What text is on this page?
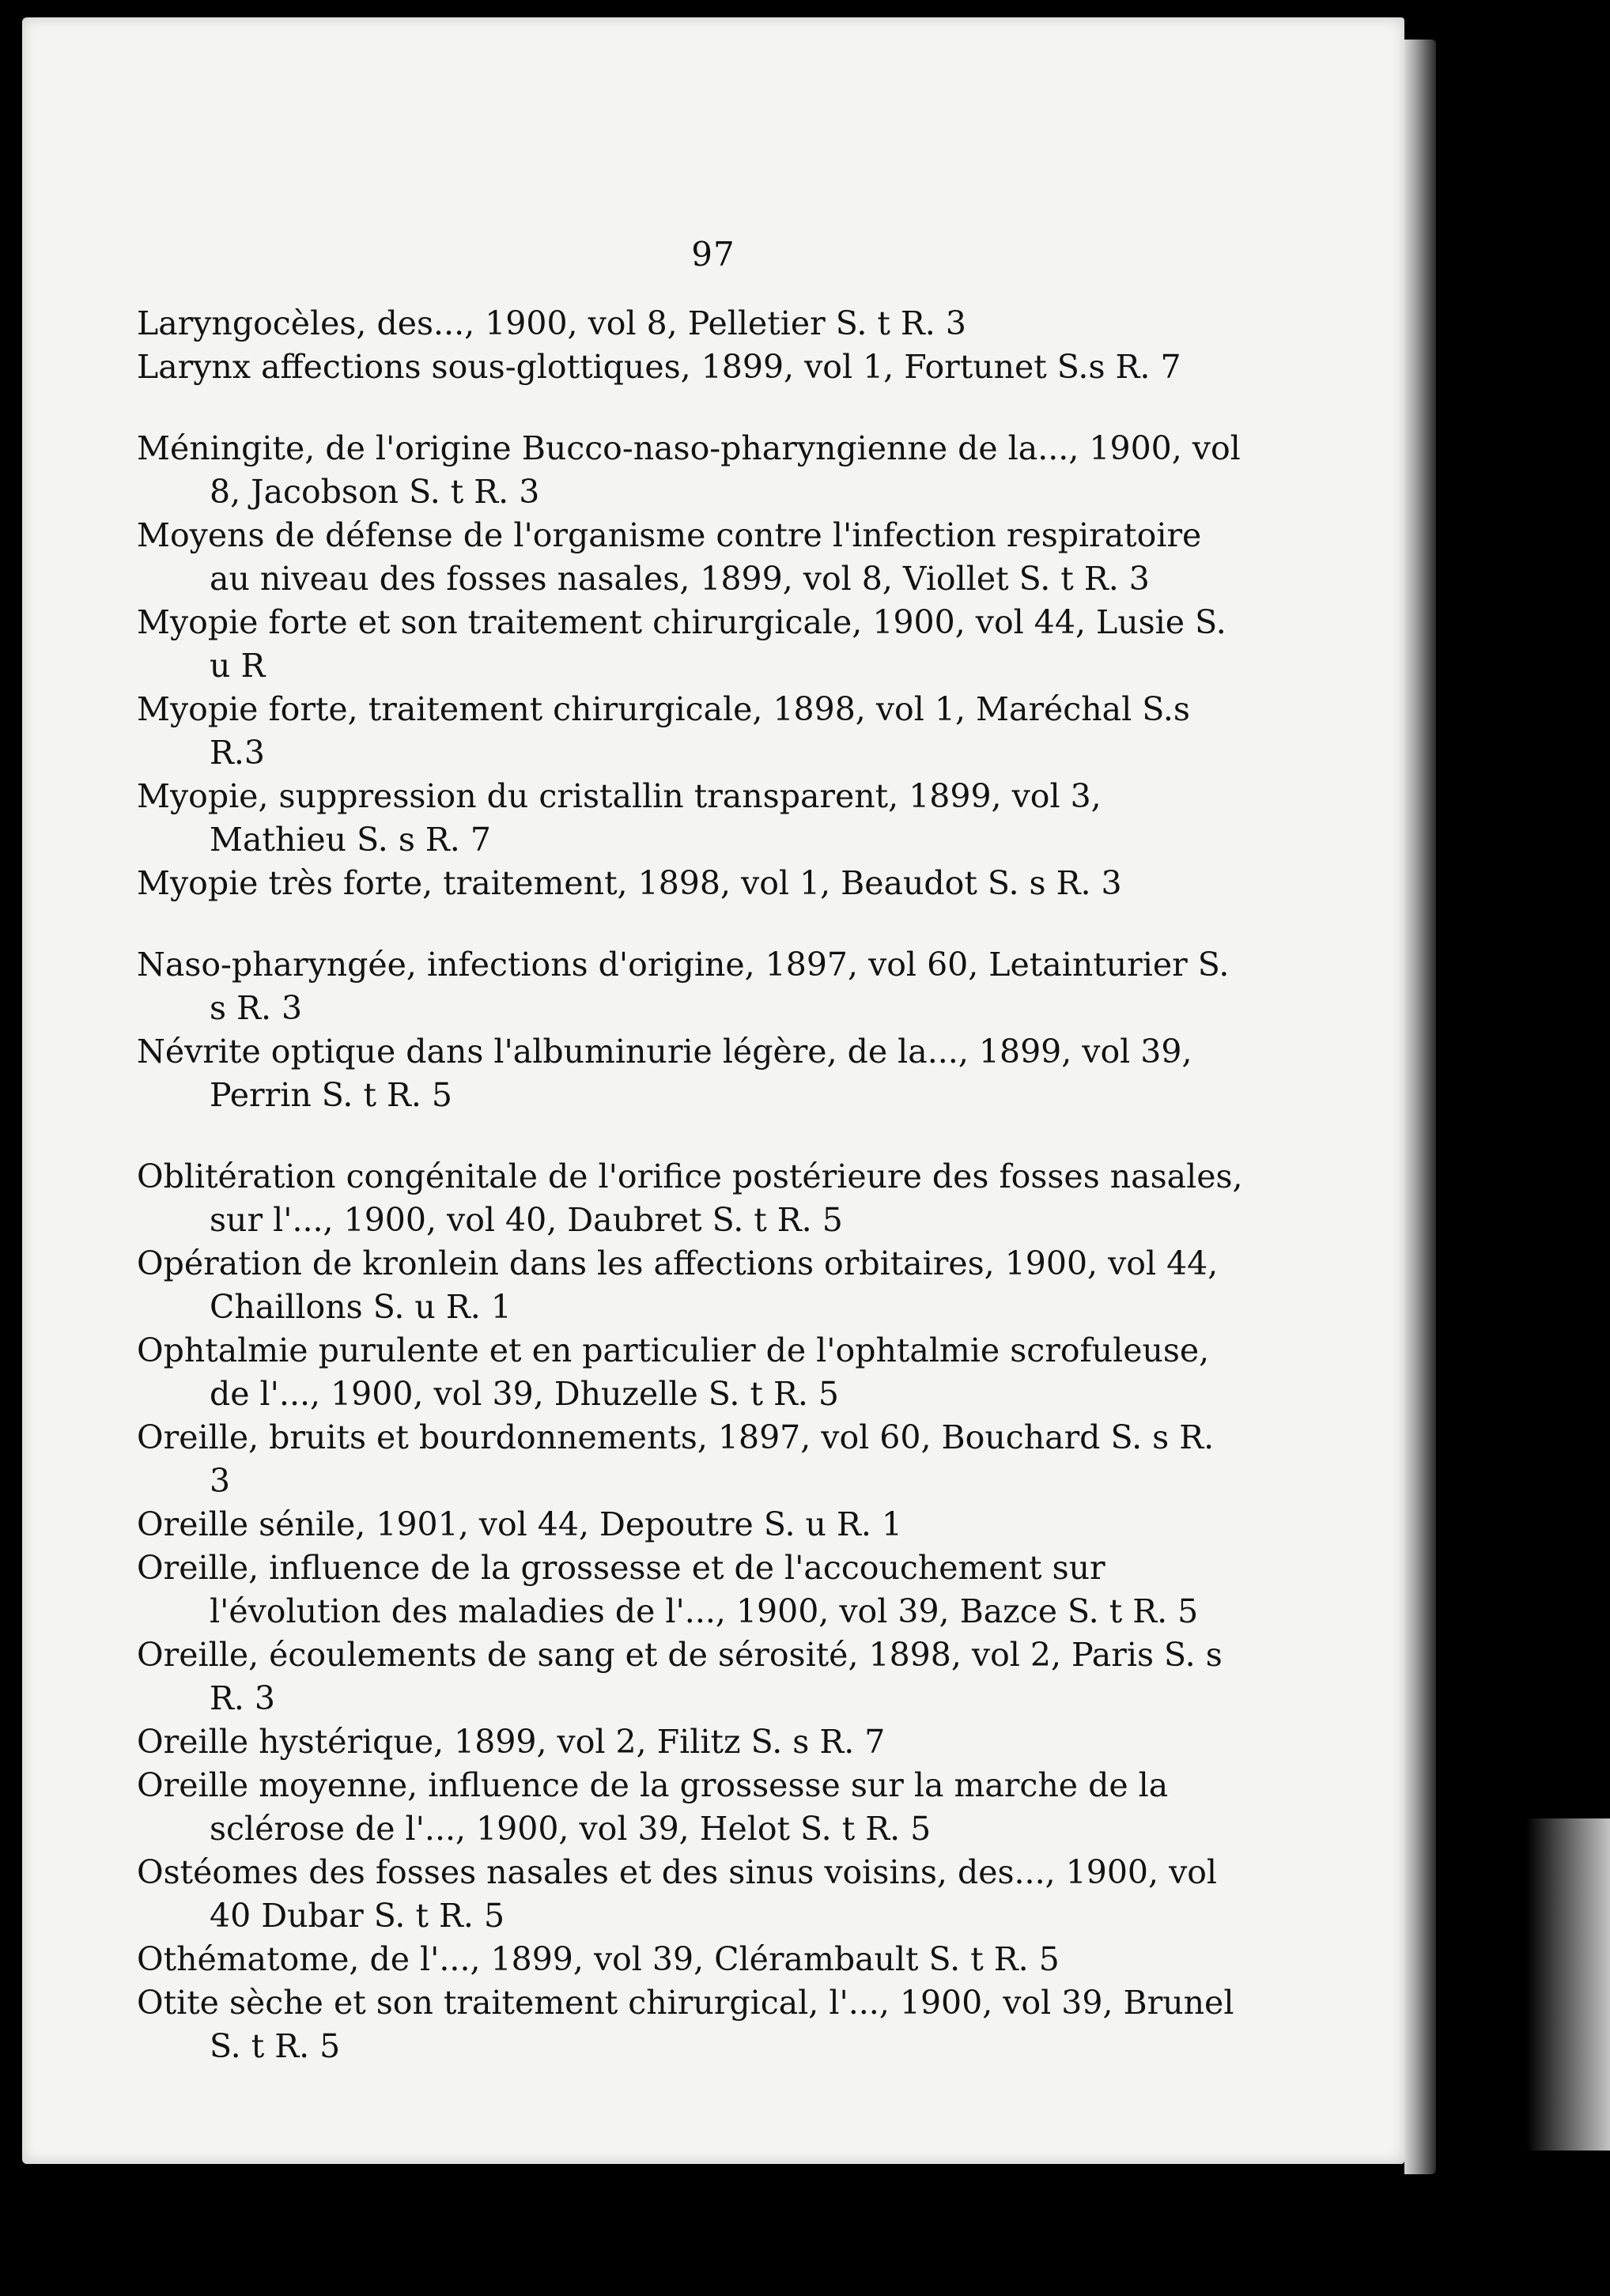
97

Laryngocèles, des..., 1900, vol 8, Pelletier S. t R. 3

Larynx affections sous-glottiques, 1899, vol 1, Fortunet S.s R. 7

Méningite, de l'origine Bucco-naso-pharyngienne de la..., 1900, vol 8, Jacobson S. t R. 3

Moyens de défense de l'organisme contre l'infection respiratoire au niveau des fosses nasales, 1899, vol 8, Viollet S. t R. 3

Myopie forte et son traitement chirurgicale, 1900, vol 44, Lusie S. u R

Myopie forte, traitement chirurgicale, 1898, vol 1, Maréchal S.s R.3

Myopie, suppression du cristallin transparent, 1899, vol 3, Mathieu S. s R. 7

Myopie très forte, traitement, 1898, vol 1, Beaudot S. s R. 3

Naso-pharyngée, infections d'origine, 1897, vol 60, Letainturier S. s R. 3

Névrite optique dans l'albuminurie légère, de la..., 1899, vol 39, Perrin S. t R. 5

Oblitération congénitale de l'orifice postérieure des fosses nasales, sur l'..., 1900, vol 40, Daubret S. t R. 5

Opération de kronlein dans les affections orbitaires, 1900, vol 44, Chaillons S. u R. 1

Ophtalmie purulente et en particulier de l'ophtalmie scrofuleuse, de l'..., 1900, vol 39, Dhuzelle S. t R. 5

Oreille, bruits et bourdonnements, 1897, vol 60, Bouchard S. s R. 3

Oreille sénile, 1901, vol 44, Depoutre S. u R. 1

Oreille, influence de la grossesse et de l'accouchement sur l'évolution des maladies de l'..., 1900, vol 39, Bazce S. t R. 5

Oreille, écoulements de sang et de sérosité, 1898, vol 2, Paris S. s R. 3

Oreille hystérique, 1899, vol 2, Filitz S. s R. 7

Oreille moyenne, influence de la grossesse sur la marche de la sclérose de l'..., 1900, vol 39, Helot S. t R. 5

Ostéomes des fosses nasales et des sinus voisins, des..., 1900, vol 40 Dubar S. t R. 5

Othématome, de l'..., 1899, vol 39, Clérambault S. t R. 5

Otite sèche et son traitement chirurgical, l'..., 1900, vol 39, Brunel S. t R. 5
